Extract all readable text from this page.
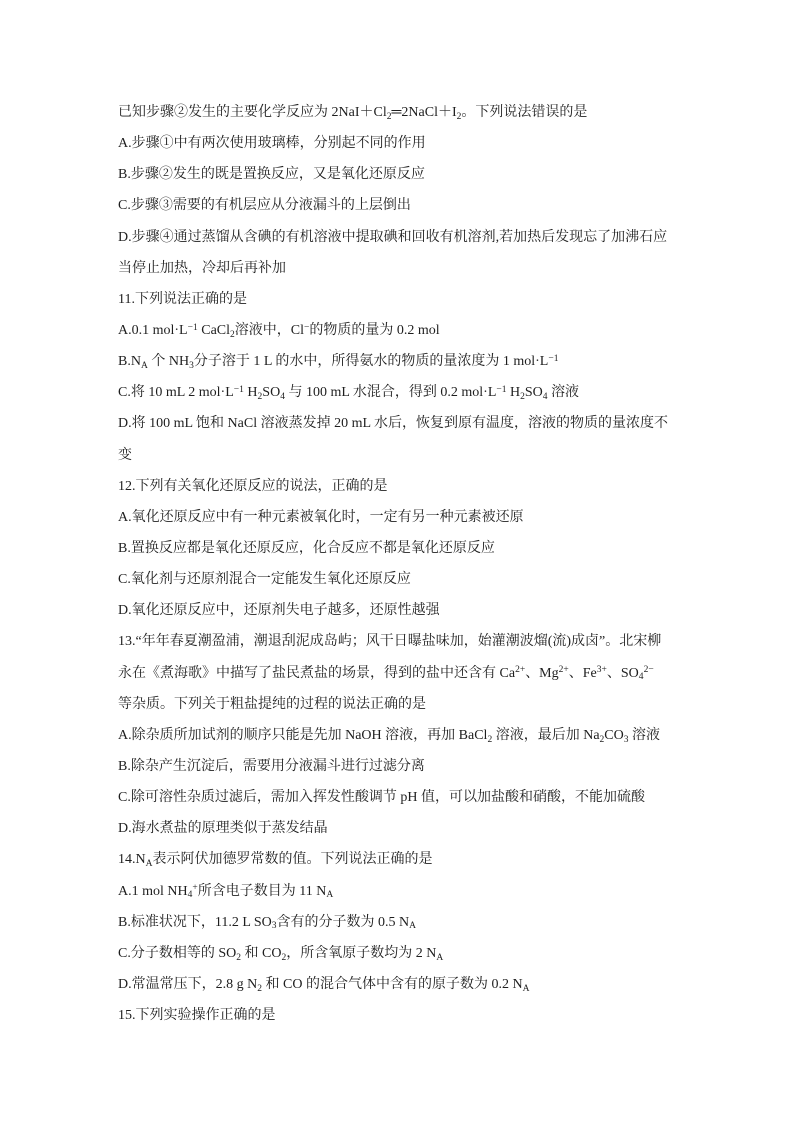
已知步骤②发生的主要化学反应为 $2NaI+Cl_2═2NaCl+I_2$。下列说法错误的是
A.步骤①中有两次使用玻璃棒，分别起不同的作用
B.步骤②发生的既是置换反应，又是氧化还原反应
C.步骤③需要的有机层应从分液漏斗的上层倒出
D.步骤④通过蒸馏从含碘的有机溶液中提取碘和回收有机溶剂,若加热后发现忘了加沸石应
当停止加热，冷却后再补加
11.下列说法正确的是
A.0.1 $mol\cdot L^{-1}$ CaCl$_2$溶液中，Cl−的物质的量为 0.2 mol
$B.N_A$ 个 $NH_3$分子溶于 1 L 的水中，所得氨水的物质的量浓度为 1 $mol\cdot L^{-1}$
C.将 10 mL 2 $mol\cdot L^{-1}$ $H_2SO_4$ 与 100 mL 水混合，得到 0.2 $mol\cdot L^{-1}$ $H_2SO_4$ 溶液
D.将 100 mL 饱和 NaCl 溶液蒸发掉 20 mL 水后，恢复到原有温度，溶液的物质的量浓度不
变
12.下列有关氧化还原反应的说法，正确的是
A.氧化还原反应中有一种元素被氧化时，一定有另一种元素被还原
B.置换反应都是氧化还原反应，化合反应不都是氧化还原反应
C.氧化剂与还原剂混合一定能发生氧化还原反应
D.氧化还原反应中，还原剂失电子越多，还原性越强
13.“年年春夏潮盈浦，潮退刮泥成岛屿；风干日曝盐味加，始灌潮波熘(流)成卤”。北宋柳
永在《煮海歌》中描写了盐民煮盐的场景，得到的盐中还含有 $Ca^{2+}$、$Mg^{2+}$、$Fe^{3+}$、$SO_4^{2-}$
等杂质。下列关于粗盐提纯的过程的说法正确的是
A.除杂质所加试剂的顺序只能是先加 NaOH 溶液，再加 BaCl$_2$ 溶液，最后加 $Na_2CO_3$ 溶液
B.除杂产生沉淀后，需要用分液漏斗进行过滤分离
C.除可溶性杂质过滤后，需加入挥发性酸调节 pH 值，可以加盐酸和硝酸，不能加硫酸
D.海水煮盐的原理类似于蒸发结晶
$14.N_A$表示阿伏加德罗常数的值。下列说法正确的是
A.1 mol $NH_4^+$所含电子数目为 11 $N_A$
B.标准状况下，11.2 L $SO_3$含有的分子数为 0.5 $N_A$
C.分子数相等的 $SO_2$ 和 $CO_2$，所含氧原子数均为 2 $N_A$
D.常温常压下，2.8 g $N_2$ 和 CO 的混合气体中含有的原子数为 0.2 $N_A$
15.下列实验操作正确的是
